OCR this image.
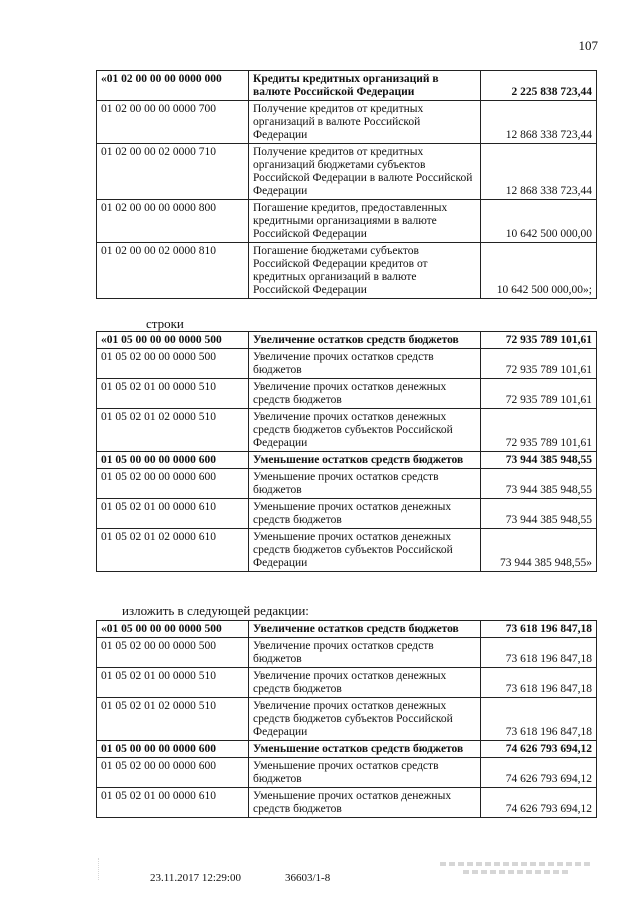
107
«01 02 00 00 00 0000 000	Кредиты кредитных организаций в валюте Российской Федерации	2 225 838 723,44
01 02 00 00 00 0000 700	Получение кредитов от кредитных организаций в валюте Российской Федерации	12 868 338 723,44
01 02 00 00 02 0000 710	Получение кредитов от кредитных организаций бюджетами субъектов Российской Федерации в валюте Российской Федерации	12 868 338 723,44
01 02 00 00 00 0000 800	Погашение кредитов, предоставленных кредитными организациями в валюте Российской Федерации	10 642 500 000,00
01 02 00 00 02 0000 810	Погашение бюджетами субъектов Российской Федерации кредитов от кредитных организаций в валюте Российской Федерации	10 642 500 000,00»;
строки
«01 05 00 00 00 0000 500	Увеличение остатков средств бюджетов	72 935 789 101,61
01 05 02 00 00 0000 500	Увеличение прочих остатков средств бюджетов	72 935 789 101,61
01 05 02 01 00 0000 510	Увеличение прочих остатков денежных средств бюджетов	72 935 789 101,61
01 05 02 01 02 0000 510	Увеличение прочих остатков денежных средств бюджетов субъектов Российской Федерации	72 935 789 101,61
01 05 00 00 00 0000 600	Уменьшение остатков средств бюджетов	73 944 385 948,55
01 05 02 00 00 0000 600	Уменьшение прочих остатков средств бюджетов	73 944 385 948,55
01 05 02 01 00 0000 610	Уменьшение прочих остатков денежных средств бюджетов	73 944 385 948,55
01 05 02 01 02 0000 610	Уменьшение прочих остатков денежных средств бюджетов субъектов Российской Федерации	73 944 385 948,55»
изложить в следующей редакции:
«01 05 00 00 00 0000 500	Увеличение остатков средств бюджетов	73 618 196 847,18
01 05 02 00 00 0000 500	Увеличение прочих остатков средств бюджетов	73 618 196 847,18
01 05 02 01 00 0000 510	Увеличение прочих остатков денежных средств бюджетов	73 618 196 847,18
01 05 02 01 02 0000 510	Увеличение прочих остатков денежных средств бюджетов субъектов Российской Федерации	73 618 196 847,18
01 05 00 00 00 0000 600	Уменьшение остатков средств бюджетов	74 626 793 694,12
01 05 02 00 00 0000 600	Уменьшение прочих остатков средств бюджетов	74 626 793 694,12
01 05 02 01 00 0000 610	Уменьшение прочих остатков денежных средств бюджетов	74 626 793 694,12
23.11.2017 12:29:00	36603/1-8
